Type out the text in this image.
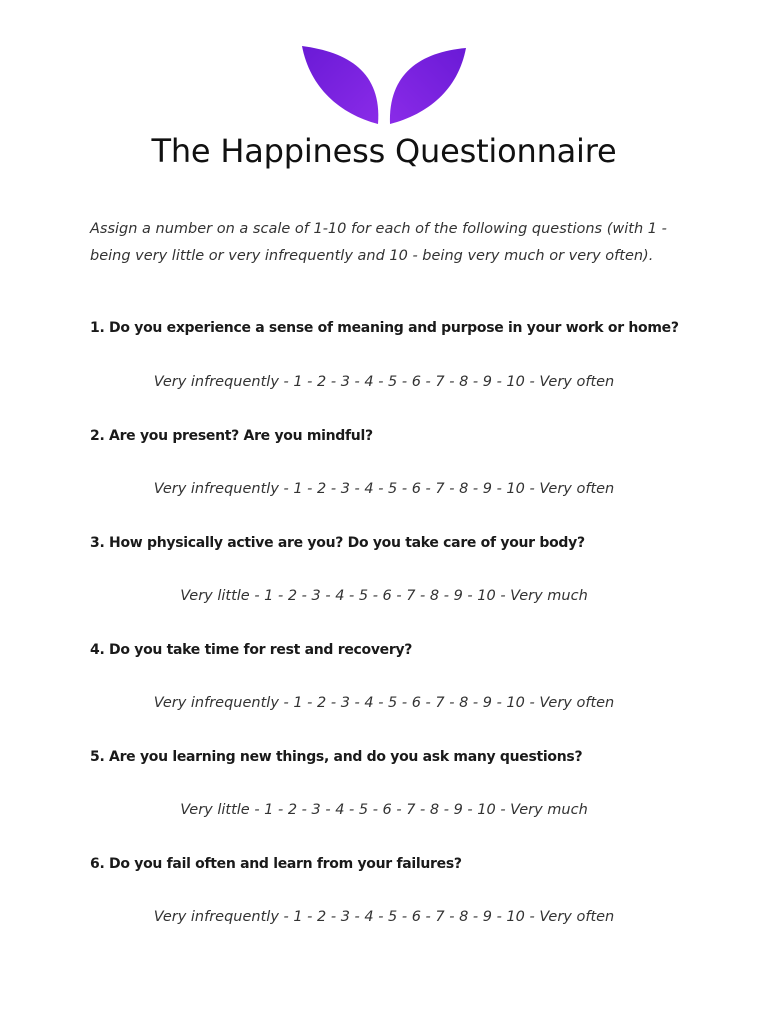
The Happiness Questionnaire

Assign a number on a scale of 1-10 for each of the following questions (with 1 - being very little or very infrequently and 10 - being very much or very often).

1. Do you experience a sense of meaning and purpose in your work or home?

Very infrequently - 1 - 2 - 3 - 4 - 5 - 6 - 7 - 8 - 9 - 10 - Very often

2. Are you present? Are you mindful?

Very infrequently - 1 - 2 - 3 - 4 - 5 - 6 - 7 - 8 - 9 - 10 - Very often

3. How physically active are you? Do you take care of your body?

Very little - 1 - 2 - 3 - 4 - 5 - 6 - 7 - 8 - 9 - 10 - Very much

4. Do you take time for rest and recovery?

Very infrequently - 1 - 2 - 3 - 4 - 5 - 6 - 7 - 8 - 9 - 10 - Very often

5. Are you learning new things, and do you ask many questions?

Very little - 1 - 2 - 3 - 4 - 5 - 6 - 7 - 8 - 9 - 10 - Very much

6. Do you fail often and learn from your failures?

Very infrequently - 1 - 2 - 3 - 4 - 5 - 6 - 7 - 8 - 9 - 10 - Very often
